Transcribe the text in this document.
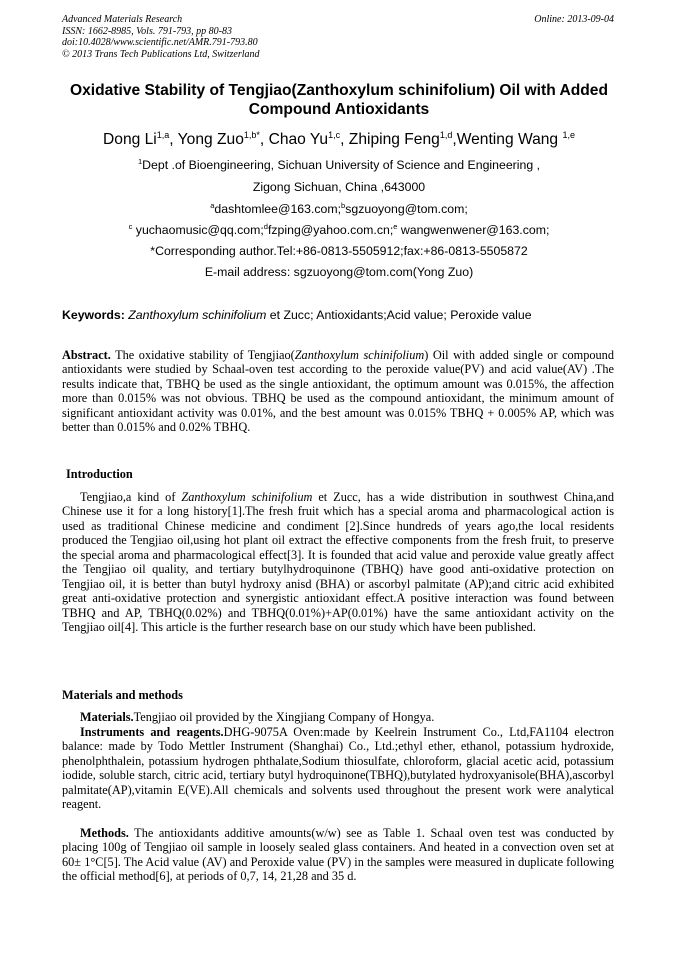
Advanced Materials Research
ISSN: 1662-8985, Vols. 791-793, pp 80-83
doi:10.4028/www.scientific.net/AMR.791-793.80
© 2013 Trans Tech Publications Ltd, Switzerland
Online: 2013-09-04
Oxidative Stability of Tengjiao(Zanthoxylum schinifolium) Oil with Added Compound Antioxidants
Dong Li$^{1,a}$, Yong Zuo$^{1,b*}$, Chao Yu$^{1,c}$, Zhiping Feng$^{1,d}$,Wenting Wang $^{1,e}$
$^1$Dept .of Bioengineering, Sichuan University of Science and Engineering ,
Zigong Sichuan, China ,643000
$^a$dashtomlee@163.com;$^b$sgzuoyong@tom.com;
$^c$ yuchaomusic@qq.com;$^d$fzping@yahoo.com.cn;$^e$ wangwenwener@163.com;
*Corresponding author.Tel:+86-0813-5505912;fax:+86-0813-5505872
E-mail address: sgzuoyong@tom.com(Yong Zuo)
Keywords: Zanthoxylum schinifolium et Zucc; Antioxidants;Acid value; Peroxide value
Abstract. The oxidative stability of Tengjiao(Zanthoxylum schinifolium) Oil with added single or compound antioxidants were studied by Schaal-oven test according to the peroxide value(PV) and acid value(AV) .The results indicate that, TBHQ be used as the single antioxidant, the optimum amount was 0.015%, the affection more than 0.015% was not obvious. TBHQ be used as the compound antioxidant, the minimum amount of significant antioxidant activity was 0.01%, and the best amount was 0.015% TBHQ + 0.005% AP, which was better than 0.015% and 0.02% TBHQ.
Introduction
Tengjiao,a kind of Zanthoxylum schinifolium et Zucc, has a wide distribution in southwest China,and Chinese use it for a long history[1].The fresh fruit which has a special aroma and pharmacological action is used as traditional Chinese medicine and condiment [2].Since hundreds of years ago,the local residents produced the Tengjiao oil,using hot plant oil extract the effective components from the fresh fruit, to preserve the special aroma and pharmacological effect[3]. It is founded that acid value and peroxide value greatly affect the Tengjiao oil quality, and tertiary butylhydroquinone (TBHQ) have good anti-oxidative protection on Tengjiao oil, it is better than butyl hydroxy anisd (BHA) or ascorbyl palmitate (AP);and citric acid exhibited great anti-oxidative protection and synergistic antioxidant effect.A positive interaction was found between TBHQ and AP, TBHQ(0.02%) and TBHQ(0.01%)+AP(0.01%) have the same antioxidant activity on the Tengjiao oil[4]. This article is the further research base on our study which have been published.
Materials and methods
Materials.Tengjiao oil provided by the Xingjiang Company of Hongya.
Instruments and reagents.DHG-9075A Oven:made by Keelrein Instrument Co., Ltd,FA1104 electron balance: made by Todo Mettler Instrument (Shanghai) Co., Ltd.;ethyl ether, ethanol, potassium hydroxide, phenolphthalein, potassium hydrogen phthalate,Sodium thiosulfate, chloroform, glacial acetic acid, potassium iodide, soluble starch, citric acid, tertiary butyl hydroquinone(TBHQ),butylated hydroxyanisole(BHA),ascorbyl palmitate(AP),vitamin E(VE).All chemicals and solvents used throughout the present work were analytical reagent.
Methods. The antioxidants additive amounts(w/w) see as Table 1. Schaal oven test was conducted by placing 100g of Tengjiao oil sample in loosely sealed glass containers. And heated in a convection oven set at 60± 1°C[5]. The Acid value (AV) and Peroxide value (PV) in the samples were measured in duplicate following the official method[6], at periods of 0,7, 14, 21,28 and 35 d.
